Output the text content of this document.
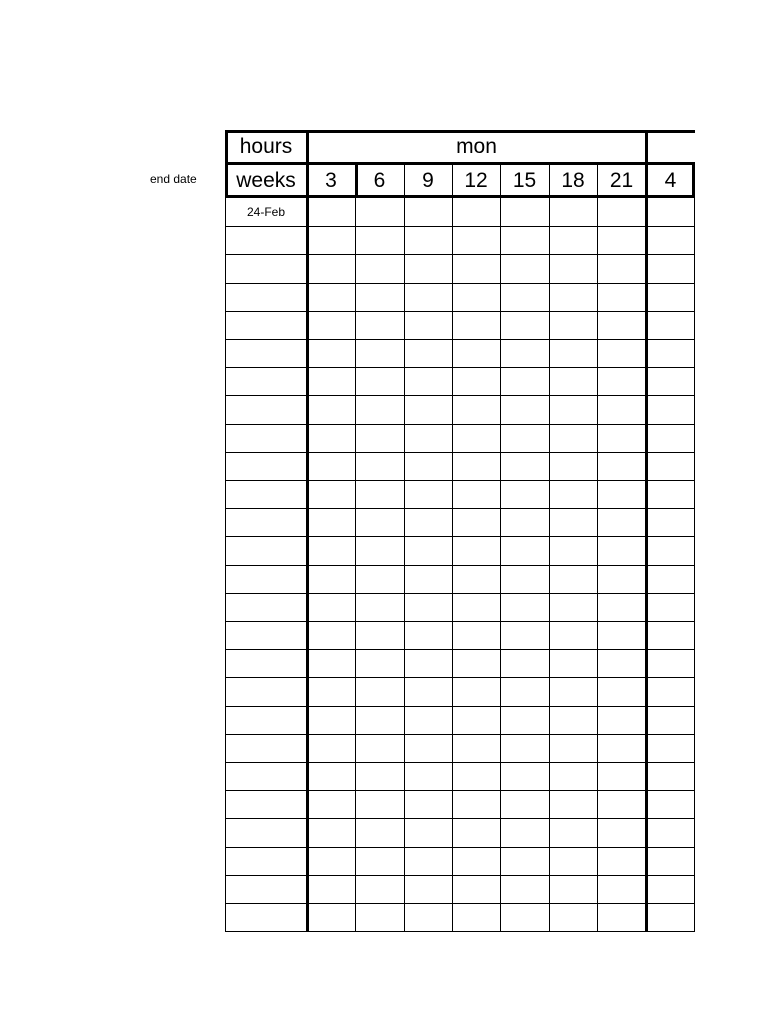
end date
hours	mon
weeks	3	6	9	12	15	18	21	4
24-Feb
